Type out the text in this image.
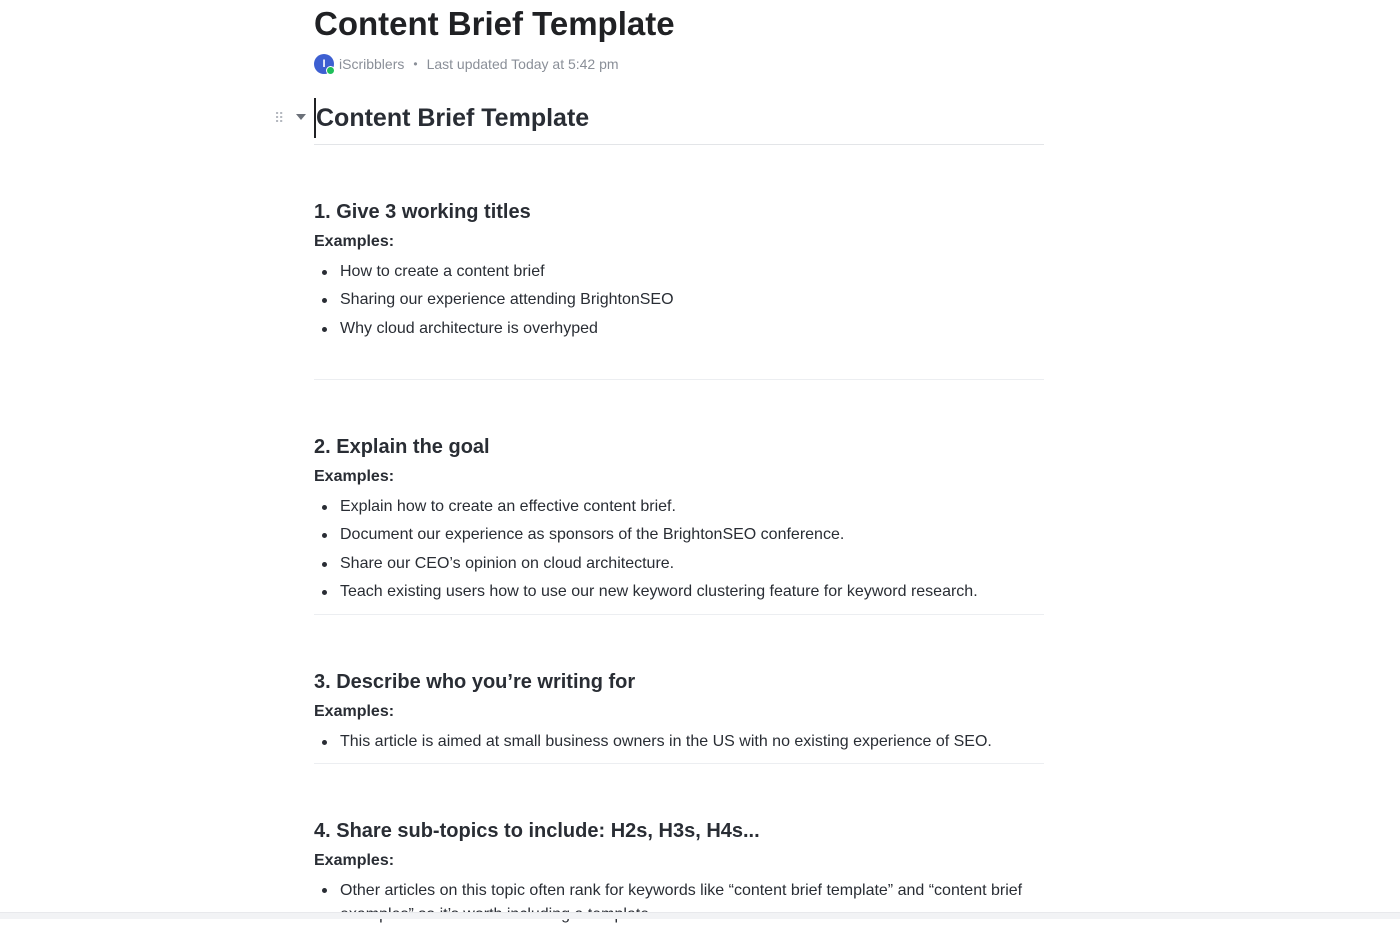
Content Brief Template
I iScribblers • Last updated Today at 5:42 pm
Content Brief Template
1. Give 3 working titles
Examples:
How to create a content brief
Sharing our experience attending BrightonSEO
Why cloud architecture is overhyped
2. Explain the goal
Examples:
Explain how to create an effective content brief.
Document our experience as sponsors of the BrightonSEO conference.
Share our CEO’s opinion on cloud architecture.
Teach existing users how to use our new keyword clustering feature for keyword research.
3. Describe who you’re writing for
Examples:
This article is aimed at small business owners in the US with no existing experience of SEO.
4. Share sub-topics to include: H2s, H3s, H4s...
Examples:
Other articles on this topic often rank for keywords like “content brief template” and “content brief
⠿
